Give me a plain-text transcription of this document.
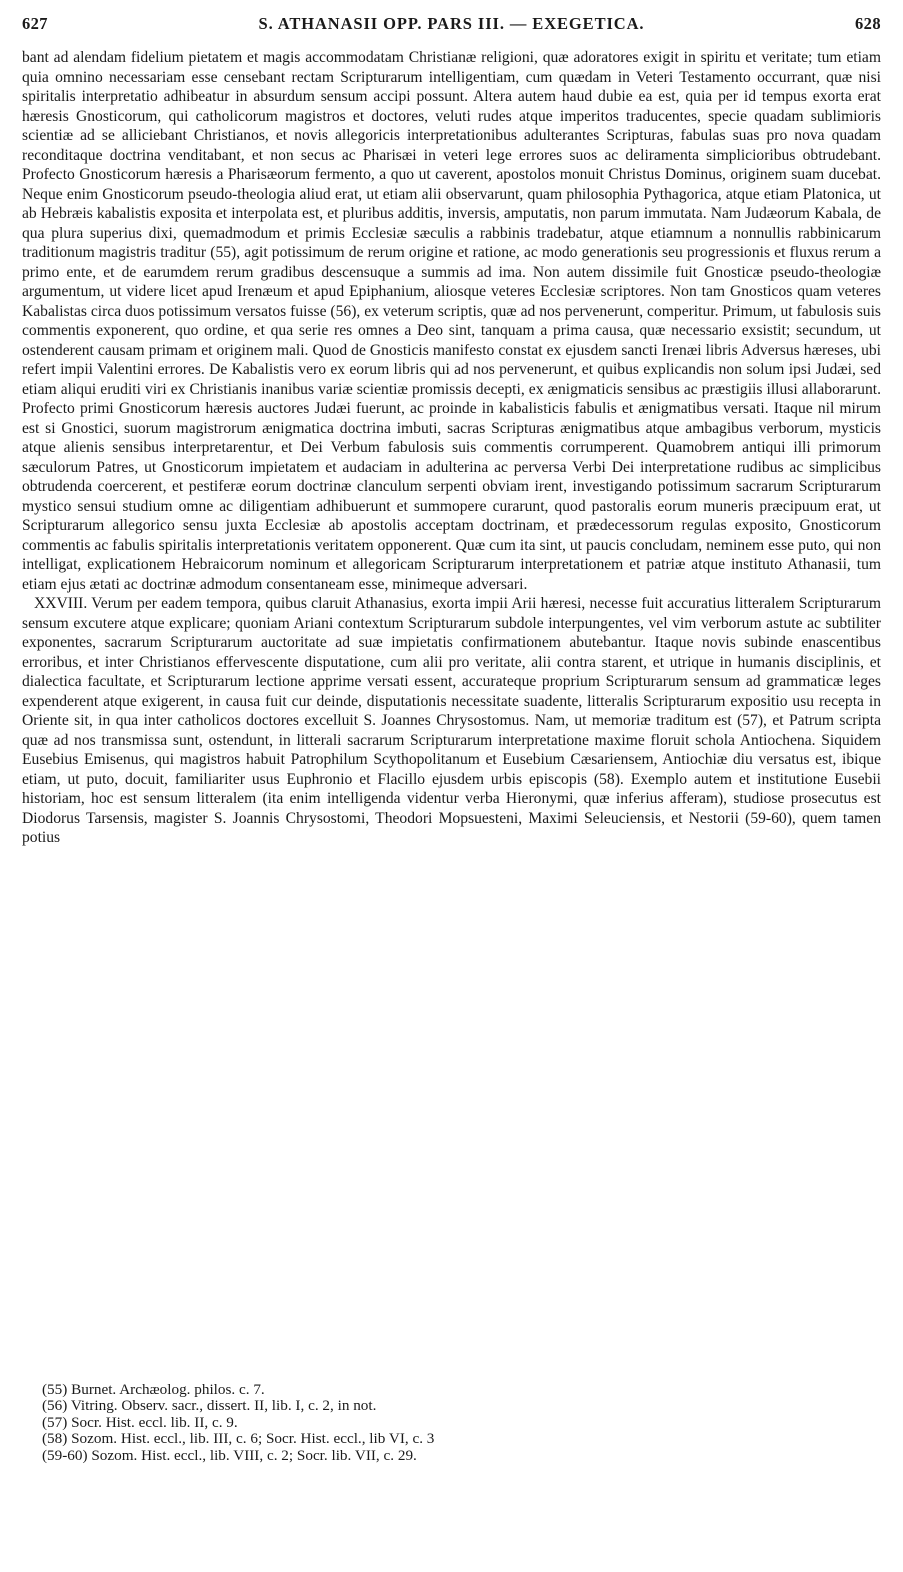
627	S. ATHANASII OPP. PARS III. — EXEGETICA.	628

bant ad alendam fidelium pietatem et magis accommodatam Christianæ religioni, quæ adoratores exigit in spiritu et veritate; tum etiam quia omnino necessariam esse censebant rectam Scripturarum intelligentiam, cum quædam in Veteri Testamento occurrant, quæ nisi spiritalis interpretatio adhibeatur in absurdum sensum accipi possunt. Altera autem haud dubie ea est, quia per id tempus exorta erat hæresis Gnosticorum, qui catholicorum magistros et doctores, veluti rudes atque imperitos traducentes, specie quadam sublimioris scientiæ ad se alliciebant Christianos, et novis allegoricis interpretationibus adulterantes Scripturas, fabulas suas pro nova quadam reconditaque doctrina venditabant, et non secus ac Pharisæi in veteri lege errores suos ac deliramenta simplicioribus obtrudebant. Profecto Gnosticorum hæresis a Pharisæorum fermento, a quo ut caverent, apostolos monuit Christus Dominus, originem suam ducebat. Neque enim Gnosticorum pseudo-theologia aliud erat, ut etiam alii observarunt, quam philosophia Pythagorica, atque etiam Platonica, ut ab Hebræis kabalistis exposita et interpolata est, et pluribus additis, inversis, amputatis, non parum immutata. Nam Judæorum Kabala, de qua plura superius dixi, quemadmodum et primis Ecclesiæ sæculis a rabbinis tradebatur, atque etiamnum a nonnullis rabbinicarum traditionum magistris traditur (55), agit potissimum de rerum origine et ratione, ac modo generationis seu progressionis et fluxus rerum a primo ente, et de earumdem rerum gradibus descensuque a summis ad ima. Non autem dissimile fuit Gnosticæ pseudo-theologiæ argumentum, ut videre licet apud Irenæum et apud Epiphanium, aliosque veteres Ecclesiæ scriptores. Non tam Gnosticos quam veteres Kabalistas circa duos potissimum versatos fuisse (56), ex veterum scriptis, quæ ad nos pervenerunt, comperitur. Primum, ut fabulosis suis commentis exponerent, quo ordine, et qua serie res omnes a Deo sint, tanquam a prima causa, quæ necessario exsistit; secundum, ut ostenderent causam primam et originem mali. Quod de Gnosticis manifesto constat ex ejusdem sancti Irenæi libris Adversus hæreses, ubi refert impii Valentini errores. De Kabalistis vero ex eorum libris qui ad nos pervenerunt, et quibus explicandis non solum ipsi Judæi, sed etiam aliqui eruditi viri ex Christianis inanibus variæ scientiæ promissis decepti, ex ænigmaticis sensibus ac præstigiis illusi allaborarunt. Profecto primi Gnosticorum hæresis auctores Judæi fuerunt, ac proinde in kabalisticis fabulis et ænigmatibus versati. Itaque nil mirum est si Gnostici, suorum magistrorum ænigmatica doctrina imbuti, sacras Scripturas ænigmatibus atque ambagibus verborum, mysticis atque alienis sensibus interpretarentur, et Dei Verbum fabulosis suis commentis corrumperent. Quamobrem antiqui illi primorum sæculorum Patres, ut Gnosticorum impietatem et audaciam in adulterina ac perversa Verbi Dei interpretatione rudibus ac simplicibus obtrudenda coercerent, et pestiferæ eorum doctrinæ clanculum serpenti obviam irent, investigando potissimum sacrarum Scripturarum mystico sensui studium omne ac diligentiam adhibuerunt et summopere curarunt, quod pastoralis eorum muneris præcipuum erat, ut Scripturarum allegorico sensu juxta Ecclesiæ ab apostolis acceptam doctrinam, et prædecessorum regulas exposito, Gnosticorum commentis ac fabulis spiritalis interpretationis veritatem opponerent. Quæ cum ita sint, ut paucis concludam, neminem esse puto, qui non intelligat, explicationem Hebraicorum nominum et allegoricam Scripturarum interpretationem et patriæ atque instituto Athanasii, tum etiam ejus ætati ac doctrinæ admodum consentaneam esse, minimeque adversari.

XXVIII. Verum per eadem tempora, quibus claruit Athanasius, exorta impii Arii hæresi, necesse fuit accuratius litteralem Scripturarum sensum excutere atque explicare; quoniam Ariani contextum Scripturarum subdole interpungentes, vel vim verborum astute ac subtiliter exponentes, sacrarum Scripturarum auctoritate ad suæ impietatis confirmationem abutebantur. Itaque novis subinde enascentibus erroribus, et inter Christianos effervescente disputatione, cum alii pro veritate, alii contra starent, et utrique in humanis disciplinis, et dialectica facultate, et Scripturarum lectione apprime versati essent, accurateque proprium Scripturarum sensum ad grammaticæ leges expenderent atque exigerent, in causa fuit cur deinde, disputationis necessitate suadente, litteralis Scripturarum expositio usu recepta in Oriente sit, in qua inter catholicos doctores excelluit S. Joannes Chrysostomus. Nam, ut memoriæ traditum est (57), et Patrum scripta quæ ad nos transmissa sunt, ostendunt, in litterali sacrarum Scripturarum interpretatione maxime floruit schola Antiochena. Siquidem Eusebius Emisenus, qui magistros habuit Patrophilum Scythopolitanum et Eusebium Cæsariensem, Antiochiæ diu versatus est, ibique etiam, ut puto, docuit, familiariter usus Euphronio et Flacillo ejusdem urbis episcopis (58). Exemplo autem et institutione Eusebii historiam, hoc est sensum litteralem (ita enim intelligenda videntur verba Hieronymi, quæ inferius afferam), studiose prosecutus est Diodorus Tarsensis, magister S. Joannis Chrysostomi, Theodori Mopsuesteni, Maximi Seleuciensis, et Nestorii (59-60), quem tamen potius

(55) Burnet. Archæolog. philos. c. 7.
(56) Vitring. Observ. sacr., dissert. II, lib. I, c. 2, in not.
(57) Socr. Hist. eccl. lib. II, c. 9.
(58) Sozom. Hist. eccl., lib. III, c. 6; Socr. Hist. eccl., lib VI, c. 3
(59-60) Sozom. Hist. eccl., lib. VIII, c. 2; Socr. lib. VII, c. 29.
